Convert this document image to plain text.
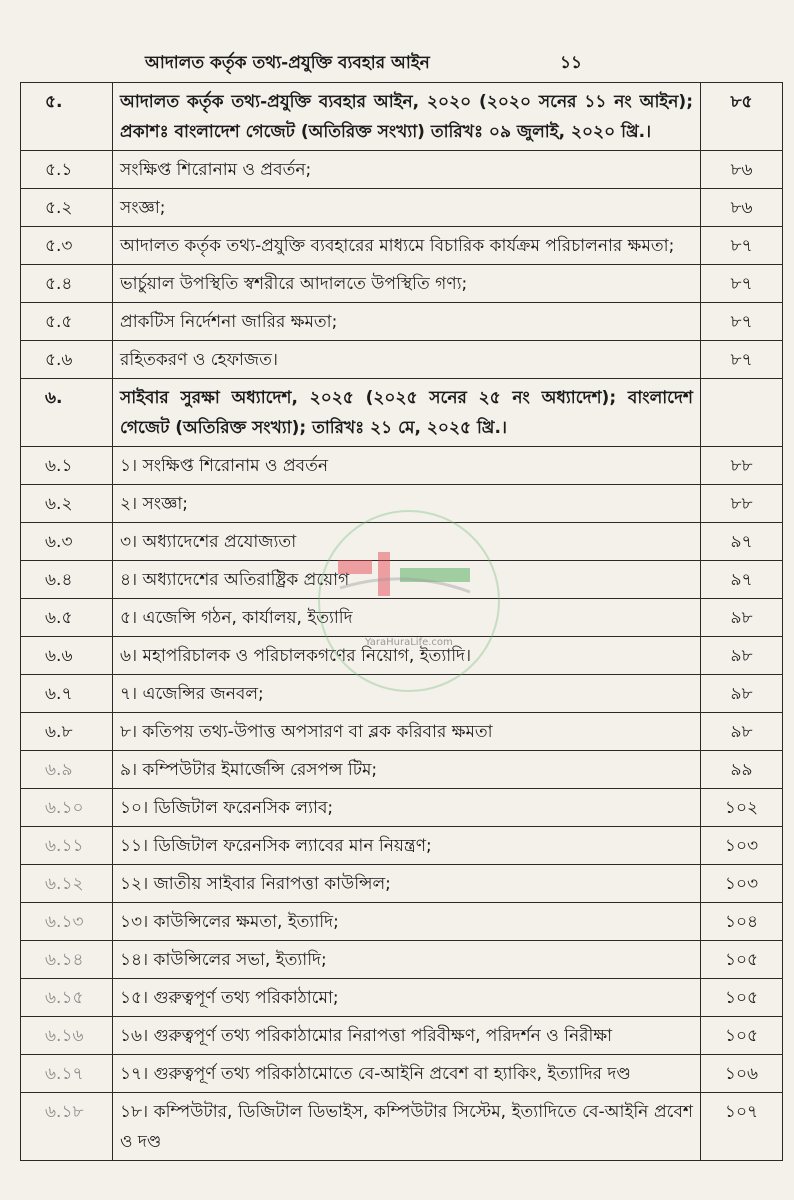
আদালত কর্তৃক তথ্য-প্রযুক্তি ব্যবহার আইন	১১
৫.	আদালত কর্তৃক তথ্য-প্রযুক্তি ব্যবহার আইন, ২০২০ (২০২০ সনের ১১ নং আইন); প্রকাশঃ বাংলাদেশ গেজেট (অতিরিক্ত সংখ্যা) তারিখঃ ০৯ জুলাই, ২০২০ খ্রি.।	৮৫
৫.১	সংক্ষিপ্ত শিরোনাম ও প্রবর্তন;	৮৬
৫.২	সংজ্ঞা;	৮৬
৫.৩	আদালত কর্তৃক তথ্য-প্রযুক্তি ব্যবহারের মাধ্যমে বিচারিক কার্যক্রম পরিচালনার ক্ষমতা;	৮৭
৫.৪	ভার্চুয়াল উপস্থিতি স্বশরীরে আদালতে উপস্থিতি গণ্য;	৮৭
৫.৫	প্রাকটিস নির্দেশনা জারির ক্ষমতা;	৮৭
৫.৬	রহিতকরণ ও হেফাজত।	৮৭
৬.	সাইবার সুরক্ষা অধ্যাদেশ, ২০২৫ (২০২৫ সনের ২৫ নং অধ্যাদেশ); বাংলাদেশ গেজেট (অতিরিক্ত সংখ্যা); তারিখঃ ২১ মে, ২০২৫ খ্রি.।	
৬.১	১। সংক্ষিপ্ত শিরোনাম ও প্রবর্তন	৮৮
৬.২	২। সংজ্ঞা;	৮৮
৬.৩	৩। অধ্যাদেশের প্রযোজ্যতা	৯৭
৬.৪	৪। অধ্যাদেশের অতিরাষ্ট্রিক প্রয়োগ	৯৭
৬.৫	৫। এজেন্সি গঠন, কার্যালয়, ইত্যাদি	৯৮
৬.৬	৬। মহাপরিচালক ও পরিচালকগণের নিয়োগ, ইত্যাদি।	৯৮
৬.৭	৭। এজেন্সির জনবল;	৯৮
৬.৮	৮। কতিপয় তথ্য-উপাত্ত অপসারণ বা ব্লক করিবার ক্ষমতা	৯৮
৬.৯	৯। কম্পিউটার ইমার্জেন্সি রেসপন্স টিম;	৯৯
৬.১০	১০। ডিজিটাল ফরেনসিক ল্যাব;	১০২
৬.১১	১১। ডিজিটাল ফরেনসিক ল্যাবের মান নিয়ন্ত্রণ;	১০৩
৬.১২	১২। জাতীয় সাইবার নিরাপত্তা কাউন্সিল;	১০৩
৬.১৩	১৩। কাউন্সিলের ক্ষমতা, ইত্যাদি;	১০৪
৬.১৪	১৪। কাউন্সিলের সভা, ইত্যাদি;	১০৫
৬.১৫	১৫। গুরুত্বপূর্ণ তথ্য পরিকাঠামো;	১০৫
৬.১৬	১৬। গুরুত্বপূর্ণ তথ্য পরিকাঠামোর নিরাপত্তা পরিবীক্ষণ, পরিদর্শন ও নিরীক্ষা	১০৫
৬.১৭	১৭। গুরুত্বপূর্ণ তথ্য পরিকাঠামোতে বে-আইনি প্রবেশ বা হ্যাকিং, ইত্যাদির দণ্ড	১০৬
৬.১৮	১৮। কম্পিউটার, ডিজিটাল ডিভাইস, কম্পিউটার সিস্টেম, ইত্যাদিতে বে-আইনি প্রবেশ ও দণ্ড	১০৭
YaraHuraLife.com
